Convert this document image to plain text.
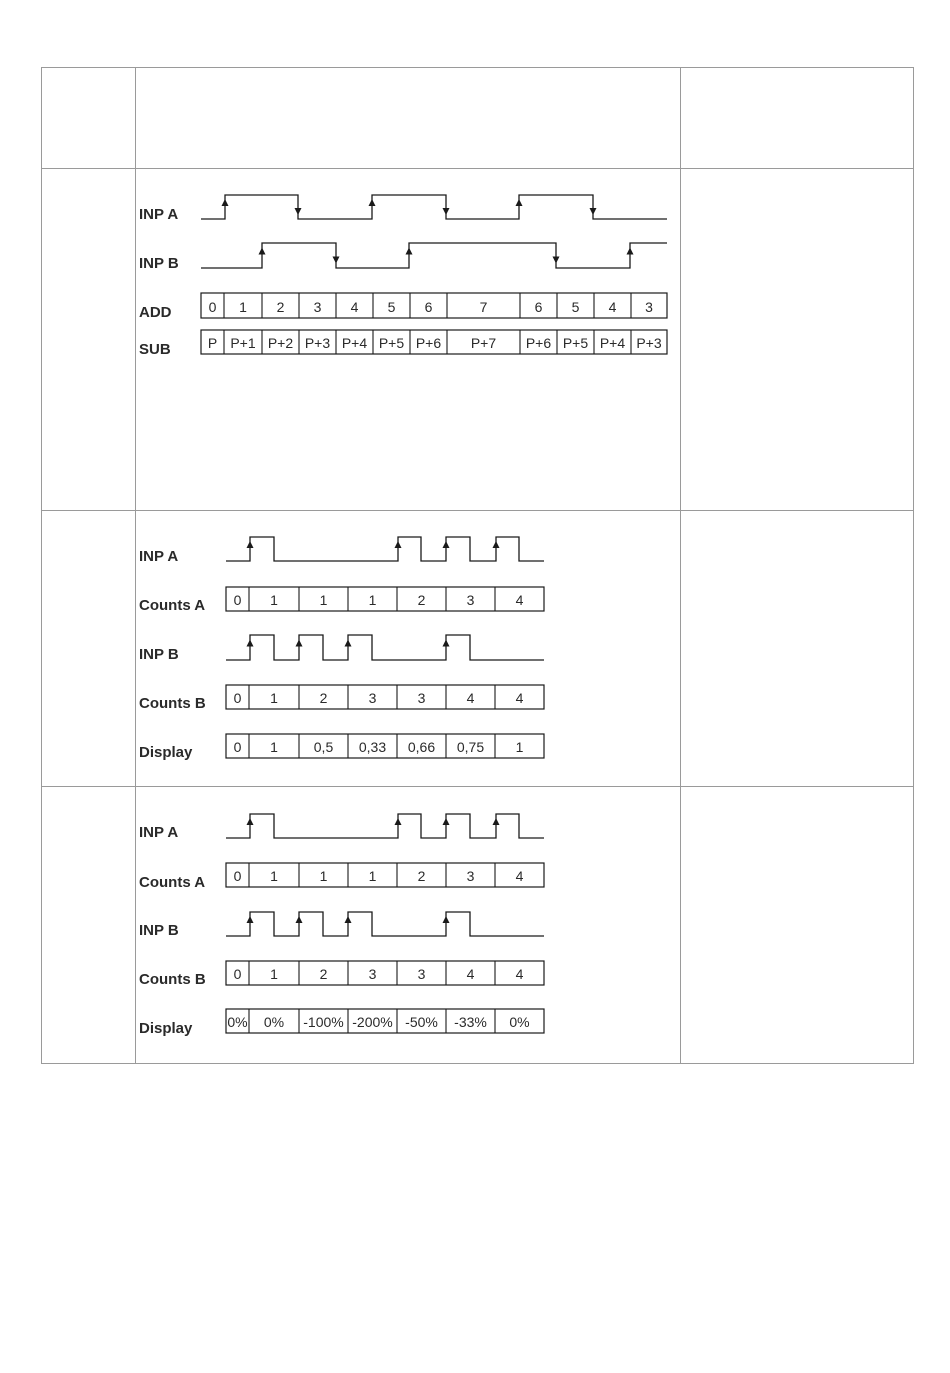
INP A
INP B
ADD	0 1 2 3 4 5 6	7	6 5 4 3
SUB	P P+1 P+2 P+3 P+4 P+5 P+6 P+7 P+6 P+5 P+4 P+3
INP A
Counts A 0 1	1	1	2	3	4
INP B
Counts B 0 1	2	3	3	4	4
Display	0 1	0,5 0,33 0,66 0,75 1
INP A
Counts A 0 1	1	1	2	3	4
INP B
Counts B 0 1	2	3	3	4	4
Display	0% 0% -100% -200% -50% -33% 0%
